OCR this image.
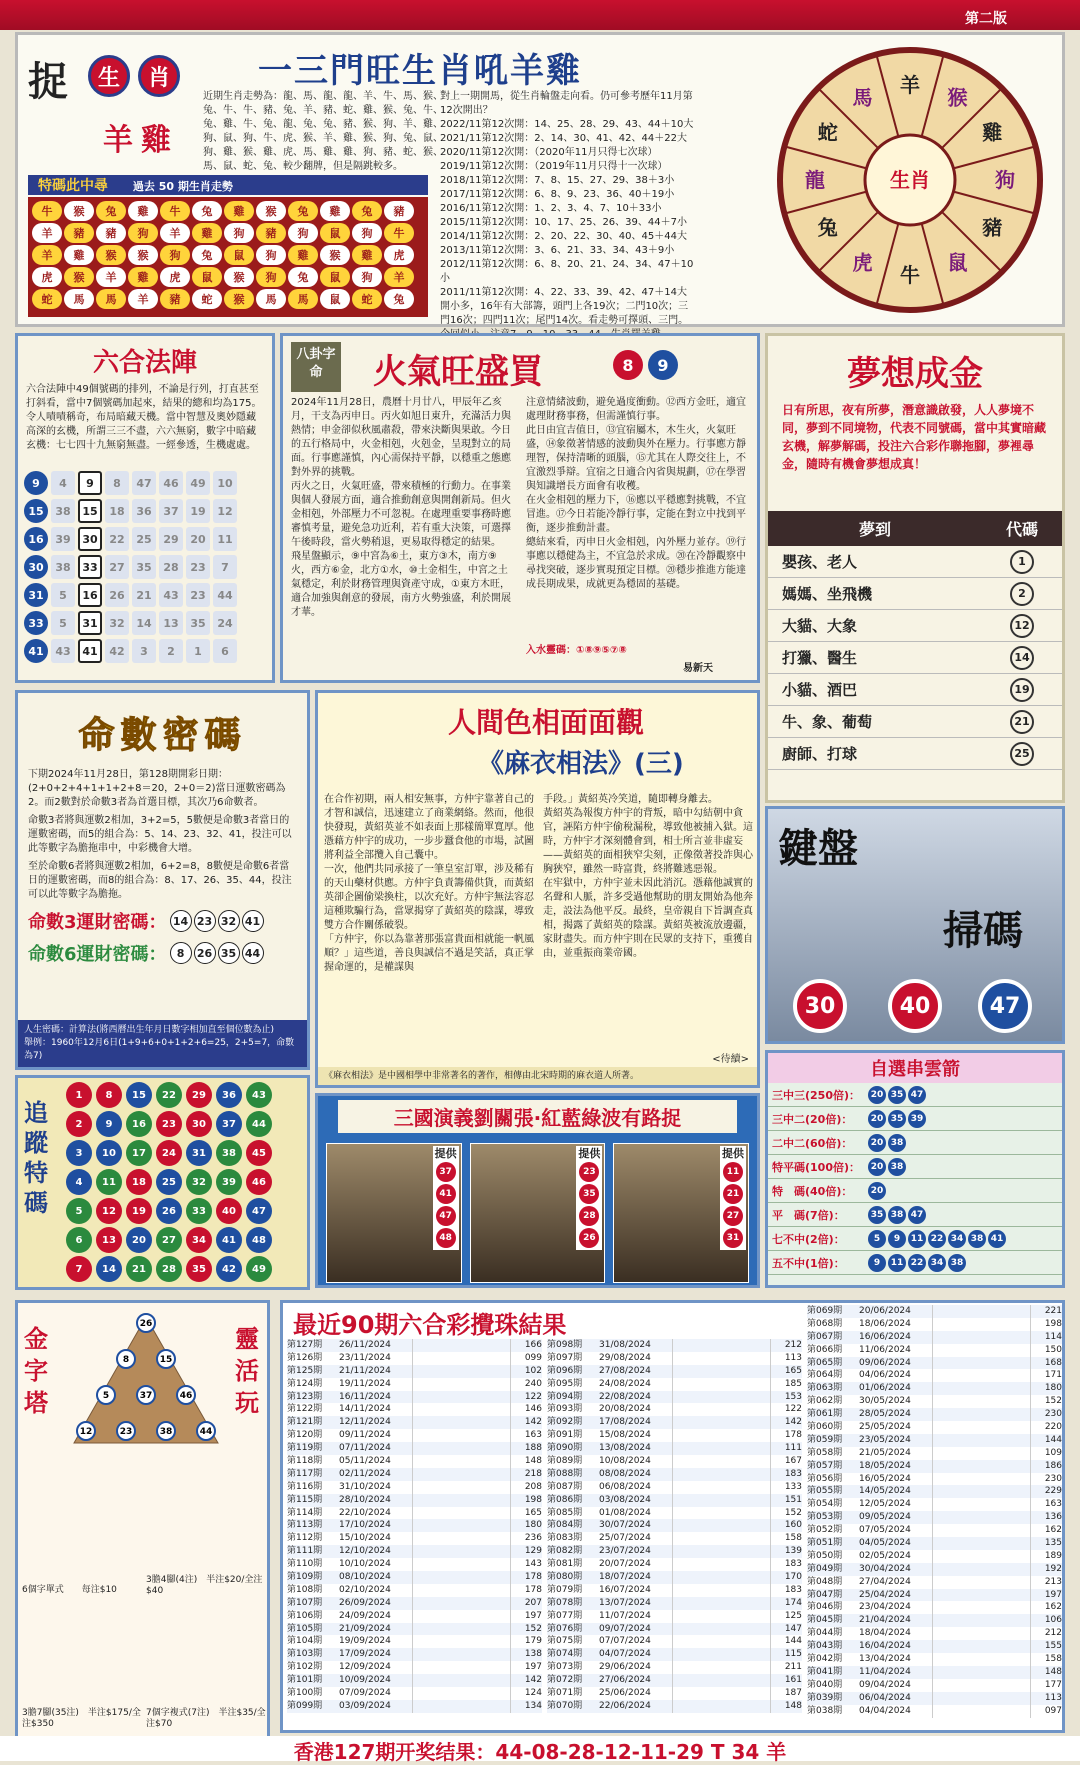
第二版
捉	生	肖
羊雞
一三門旺生肖吼羊雞
近期生肖走勢為：龍、馬、龍、龍、羊、牛、馬、猴、兔、牛、牛、豬、兔、羊、豬、蛇、雞、猴、兔、牛、兔、雞、牛、兔、龍、兔、兔、豬、猴、狗、羊、雞、狗、鼠、狗、牛、虎、猴、羊、雞、猴、狗、兔、鼠、狗、雞、猴、雞、虎、馬、雞、雞、狗、豬、蛇、猴、馬、鼠、蛇、兔、較少翻牌，但是隔跳較多。
特碼此中尋 過去 50 期生肖走勢
牛	猴	兔	雞	牛	兔	雞	猴	兔	雞	兔	豬
羊	豬	豬	狗	羊	雞	狗	豬	狗	鼠	狗	牛
羊	雞	猴	猴	狗	兔	鼠	狗	雞	猴	雞	虎
虎	猴	羊	雞	虎	鼠	猴	狗	兔	鼠	狗	羊
蛇	馬	馬	羊	豬	蛇	猴	馬	馬	鼠	蛇	兔
對上一期開馬，從生肖輪盤走向看。仍可參考歷年11月第12次開出？
2022/11第12次開：14、25、28、29、43、44＋10大
2021/11第12次開：2、14、30、41、42、44＋22大
2020/11第12次開：（2020年11月只得七次球）
2019/11第12次開：（2019年11月只得十一次球）
2018/11第12次開：7、8、15、27、29、38＋3小
2017/11第12次開：6、8、9、23、36、40＋19小
2016/11第12次開：1、2、3、4、7、10＋33小
2015/11第12次開：10、17、25、26、39、44＋7小
2014/11第12次開：2、20、22、30、40、45＋44大
2013/11第12次開：3、6、21、33、34、43＋9小
2012/11第12次開：6、8、20、21、24、34、47＋10小
2011/11第12次開：4、22、33、39、42、47＋14大
開小多，16年有大部籌，頭門上各19次；二門10次；三門16次；四門11次；尾門14次。看走勢可擇頭、三門。
羊
猴
雞
狗
豬
鼠
牛
虎
兔
龍
蛇
馬
生肖
六合法陣
六合法陣中49個號碼的排列，不論是行列，打直甚至打斜看，當中7個號碼加起來，結果的總和均為175。令人嘖嘖稱奇，布局暗藏天機。當中智慧及奧妙隱藏高深的玄機，所謂三三不盡，六六無窮，數字中暗藏玄機：七七四十九無窮無盡。一經參透，生機處處。
9	4	9	8	47	46	49	10
15	38	15	18	36	37	19	12
16	39	30	22	25	29	20	11
30	38	33	27	35	28	23	7
31	5	16	26	21	43	23	44
33	5	31	32	14	13	35	24
41	43	41	42	3	2	1	6
八卦字命	火氣旺盛買	8	9
2024年11月28日，農曆十月廿八，甲辰年乙亥月，干支為丙申日。丙火如旭日東升，充滿活力與熱情；申金卻似秋風肅殺，帶來決斷與果敢。今日的五行格局中，火金相剋，火剋金，呈現對立的局面。行事應謹慎，內心需保持平靜，以穩重之態應對外界的挑戰。
丙火之日，火氣旺盛，帶來積極的行動力。在事業與個人發展方面，適合推動創意與開創新局。但火金相剋，外部壓力不可忽視。在處理重要事務時應審慎考量，避免急功近利，若有重大決策，可選擇午後時段，當火勢稍退，更易取得穩定的結果。
飛星盤顯示，⑨中宮為⑥土，東方③木，南方⑨火，西方⑥金，北方①水，⑩土金相生，中宮之土氣穩定，利於財務管理與資產守成，①東方木旺，適合加強與創意的發展，南方火勢強盛，利於開展才華。
注意情緒波動，避免過度衝動。⑫西方金旺，適宜處理財務事務，但需謹慎行事。
此日由宜吉值日，⑬宜宿屬木，木生火，火氣旺盛，⑭象徵著情感的波動與外在壓力。行事應方靜理智，保持清晰的頭腦，⑮尤其在人際交往上，不宜激烈爭辯。宜宿之日適合內省與規劃，⑰在學習與知識增長方面會有收穫。
在火金相剋的壓力下，⑯應以平穩應對挑戰，不宜冒進。⑰今日若能冷靜行事，定能在對立中找到平衡，逐步推動計畫。
總結來看，丙申日火金相剋，內外壓力並存。⑲行事應以穩健為主，不宜急於求成。⑳在冷靜觀察中尋找突破，逐步實現預定目標。⑳穩步推進方能達成長期成果，成就更為穩固的基礎。
入水靈碼：①⑧⑨⑤⑦⑧
易新天
夢想成金
日有所思，夜有所夢，潛意識啟發，人人夢境不同，夢到不同境物，代表不同號碼，當中其實暗藏玄機，解夢解碼，投注六合彩作聯拖腳，夢裡尋金，隨時有機會夢想成真！
夢到	代碼
嬰孩、老人	1
媽媽、坐飛機	2
大貓、大象	12
打獵、醫生	14
小貓、酒巴	19
牛、象、葡萄	21
廚師、打球	25
鍵盤
掃碼
30	40	47
命數密碼
下期2024年11月28日，第128期開彩日期：(2+0+2+4+1+1+2+8＝20，2+0＝2)當日運數密碼為2。而2數對於命數3者為首選目標，其次乃6命數者。
命數3者將與運數2相加，3+2=5，5數便是命數3者當日的運數密碼，而5的組合為：5、14、23、32、41，投注可以此等數字為膽拖串中，中彩機會大增。
至於命數6者將與運數2相加，6+2=8，8數便是命數6者當日的運數密碼，而8的組合為：8、17、26、35、44，投注可以此等數字為膽拖。
命數3運財密碼： 14 23 32 41
命數6運財密碼： 8 26 35 44
人生密碼：計算法(將西曆出生年月日數字相加直至個位數為止)
舉例：1960年12月6日(1+9+6+0+1+2+6=25，2+5=7，命數為7)
人間色相面面觀
《麻衣相法》(三)
在合作初期，兩人相安無事，方仲宇靠著自己的才智和誠信，迅速建立了商業網絡。然而，他很快發現，黃紹英並不如表面上那樣簡單寬厚。他憑藉方仲宇的成功，一步步蠶食他的市場，試圖將利益全部攬入自己囊中。
一次，他們共同承接了一筆皇室訂單，涉及稀有的天山藥材供應。方仲宇負責籌備供貨，而黃紹英卻企圖偷梁換柱，以次充好。方仲宇無法容忍這種欺騙行為，當眾揭穿了黃紹英的陰謀，導致雙方合作關係破裂。
「方仲宇，你以為靠著那張富貴面相就能一帆風順？」這些道，善良與誠信不過是笑話，真正掌握命運的，是權謀與
手段。」黃紹英冷笑道，隨即轉身離去。
黃紹英為報復方仲宇的背叛，暗中勾結朝中貪官，誣陷方仲宇偷稅漏稅，導致他被捕入獄。這時，方仲宇才深刻體會到，相士所言並非虛妄——黃紹英的面相狹窄尖刻，正像徵著投詐與心胸狹窄，雖然一時富貴，終將難逃惡報。
在牢獄中，方仲宇並未因此消沉。憑藉他誠實的名聲和人脈，許多受過他幫助的朋友開始為他奔走，設法為他平反。最終，皇帝親自下旨調查真相，揭露了黃紹英的陰謀。黃紹英被流放邊疆，家財盡失。而方仲宇則在民眾的支持下，重獲自由，並重振商業帝國。
<待續>
《麻衣相法》是中國相學中非常著名的著作，相傳由北宋時期的麻衣道人所著。
追蹤特碼
1	8	15	22	29	36	43
2	9	16	23	30	37	44
3	10	17	24	31	38	45
4	11	18	25	32	39	46
5	12	19	26	33	40	47
6	13	20	27	34	41	48
7	14	21	28	35	42	49
三國演義劉關張·紅藍綠波有路捉
提供
37
41
47
48
提供
23
35
28
26
提供
11
21
27
31
自選串雲箭
三中三(250倍)：	20 35 47
三中二(20倍)：	20 35 39
二中二(60倍)：	20 38
特平碼(100倍)：	20 38
特　碼(40倍)：	20
平　碼(7倍)：	35 38 47
七不中(2倍)：	5	9	11 22 34 38 41
五不中(1倍)：	9	11 22 34 38
金字塔
靈活玩
26
8	15
5	37	46
12	23	38	44
6個字單式　　每注$10
3膽4腳(4注)　半注$20/全注$40
3膽7腳(35注)　半注$175/全注$350
7個字複式(7注)　半注$35/全注$70
最近90期六合彩攪珠結果
第127期	26/11/2024	166
第126期	23/11/2024	099
第125期	21/11/2024	102
第124期	19/11/2024	240
第123期	16/11/2024	122
第122期	14/11/2024	146
第121期	12/11/2024	142
第120期	09/11/2024	163
第119期	07/11/2024	188
第118期	05/11/2024	148
第117期	02/11/2024	218
第116期	31/10/2024	208
第115期	28/10/2024	198
第114期	22/10/2024	165
第113期	17/10/2024	180
第112期	15/10/2024	236
第111期	12/10/2024	129
第110期	10/10/2024	143
第109期	08/10/2024	178
第108期	02/10/2024	178
第107期	26/09/2024	207
第106期	24/09/2024	197
第105期	21/09/2024	152
第104期	19/09/2024	179
第103期	17/09/2024	138
第102期	12/09/2024	197
第101期	10/09/2024	142
第100期	07/09/2024	124
第099期	03/09/2024	134
第098期	31/08/2024	212
第097期	29/08/2024	113
第096期	27/08/2024	165
第095期	24/08/2024	185
第094期	22/08/2024	153
第093期	20/08/2024	122
第092期	17/08/2024	142
第091期	15/08/2024	178
第090期	13/08/2024	111
第089期	10/08/2024	167
第088期	08/08/2024	183
第087期	06/08/2024	133
第086期	03/08/2024	151
第085期	01/08/2024	152
第084期	30/07/2024	160
第083期	25/07/2024	158
第082期	23/07/2024	139
第081期	20/07/2024	183
第080期	18/07/2024	170
第079期	16/07/2024	183
第078期	13/07/2024	174
第077期	11/07/2024	125
第076期	09/07/2024	147
第075期	07/07/2024	144
第074期	04/07/2024	115
第073期	29/06/2024	211
第072期	27/06/2024	161
第071期	25/06/2024	187
第070期	22/06/2024	148
第069期	20/06/2024	221
第068期	18/06/2024	198
第067期	16/06/2024	114
第066期	11/06/2024	150
第065期	09/06/2024	168
第064期	04/06/2024	171
第063期	01/06/2024	180
第062期	30/05/2024	152
第061期	28/05/2024	230
第060期	25/05/2024	220
第059期	23/05/2024	144
第058期	21/05/2024	109
第057期	18/05/2024	186
第056期	16/05/2024	230
第055期	14/05/2024	229
第054期	12/05/2024	163
第053期	09/05/2024	136
第052期	07/05/2024	162
第051期	04/05/2024	135
第050期	02/05/2024	189
第049期	30/04/2024	192
第048期	27/04/2024	213
第047期	25/04/2024	197
第046期	23/04/2024	162
第045期	21/04/2024	106
第044期	18/04/2024	212
第043期	16/04/2024	155
第042期	13/04/2024	158
第041期	11/04/2024	148
第040期	09/04/2024	177
第039期	06/04/2024	113
第038期	04/04/2024	097
香港127期开奖结果：44-08-28-12-11-29 T 34 羊
